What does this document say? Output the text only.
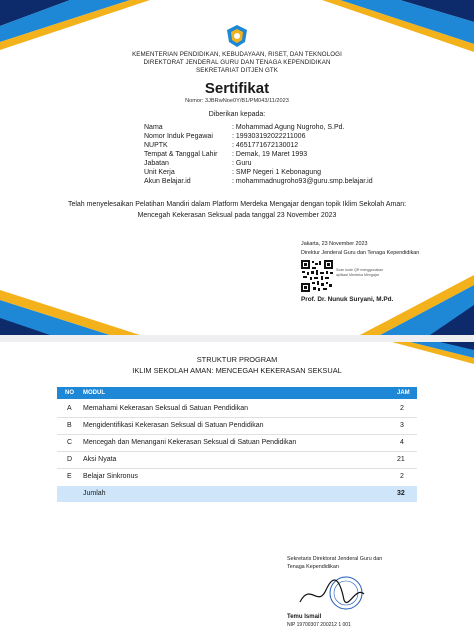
KEMENTERIAN PENDIDIKAN, KEBUDAYAAN, RISET, DAN TEKNOLOGI
DIREKTORAT JENDERAL GURU DAN TENAGA KEPENDIDIKAN
SEKRETARIAT DITJEN GTK
Sertifikat
Nomor: 3JBRwNoe0Y/B1/PM043/11/2023
Diberikan kepada:
Nama	: Mohammad Agung Nugroho, S.Pd.
Nomor Induk Pegawai	: 199303192022211006
NUPTK	: 4651771672130012
Tempat & Tanggal Lahir : Demak, 19 Maret 1993
Jabatan	: Guru
Unit Kerja	: SMP Negeri 1 Kebonagung
Akun Belajar.id	: mohammadnugroho93@guru.smp.belajar.id
Telah menyelesaikan Pelatihan Mandiri dalam Platform Merdeka Mengajar dengan topik Iklim Sekolah Aman:
Mencegah Kekerasan Seksual pada tanggal 23 November 2023
Jakarta, 23 November 2023
Direktur Jenderal Guru dan Tenaga Kependidikan
Scan kode QR menggunakan
aplikasi Merdeka Mengajar
Prof. Dr. Nunuk Suryani, M.Pd.
STRUKTUR PROGRAM
IKLIM SEKOLAH AMAN: MENCEGAH KEKERASAN SEKSUAL
NO MODUL	JAM
A Memahami Kekerasan Seksual di Satuan Pendidikan	2
B Mengidentifikasi Kekerasan Seksual di Satuan Pendidikan	3
C Mencegah dan Menangani Kekerasan Seksual di Satuan Pendidikan	4
D Aksi Nyata	21
E Belajar Sinkronus	2
Jumlah	32
Sekretaris Direktorat Jenderal Guru dan
Tenaga Kependidikan
Temu Ismail
NIP 19700307 200212 1 001
